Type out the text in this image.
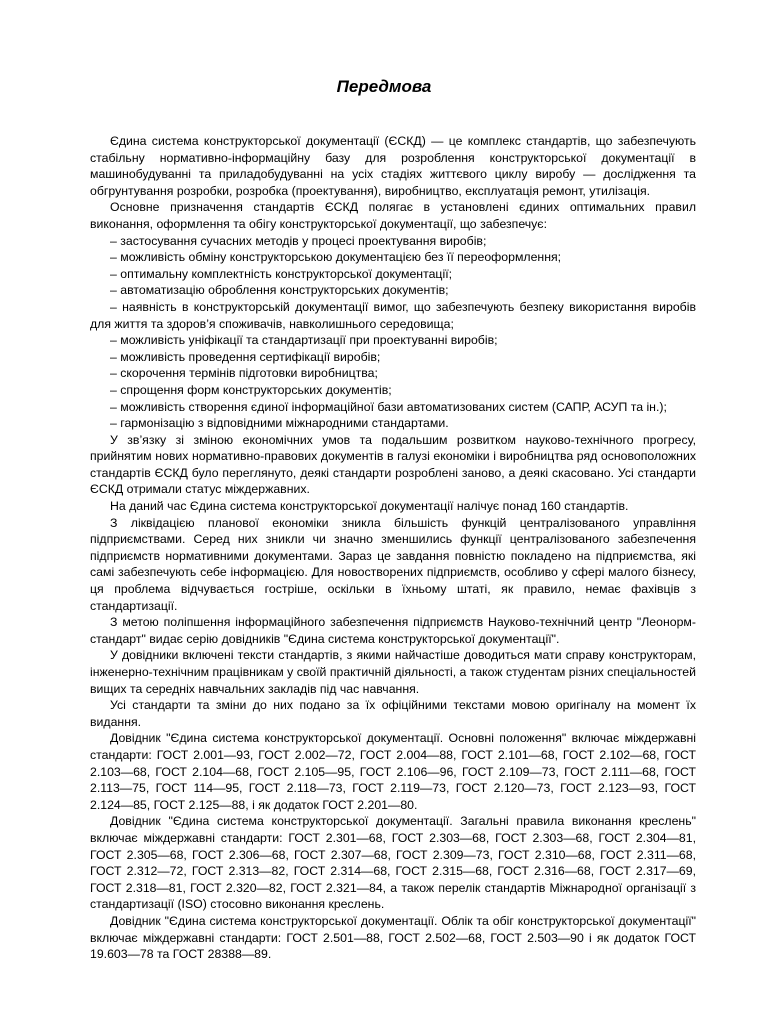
Передмова

Єдина система конструкторської документації (ЄСКД) — це комплекс стандартів, що забезпечують стабільну нормативно-інформаційну базу для розроблення конструкторської документації в машинобудуванні та приладобудуванні на усіх стадіях життєвого циклу виробу — дослідження та обгрунтування розробки, розробка (проектування), виробництво, експлуатація ремонт, утилізація.

Основне призначення стандартів ЄСКД полягає в установлені єдиних оптимальних правил виконання, оформлення та обігу конструкторської документації, що забезпечує:

– застосування сучасних методів у процесі проектування виробів;

– можливість обміну конструкторською документацією без її переоформлення;

– оптимальну комплектність конструкторської документації;

– автоматизацію оброблення конструкторських документів;

– наявність в конструкторській документації вимог, що забезпечують безпеку використання виробів для життя та здоров’я споживачів, навколишнього середовища;

– можливість уніфікації та стандартизації при проектуванні виробів;

– можливість проведення сертифікації виробів;

– скорочення термінів підготовки виробництва;

– спрощення форм конструкторських документів;

– можливість створення єдиної інформаційної бази автоматизованих систем (САПР, АСУП та ін.);

– гармонізацію з відповідними міжнародними стандартами.

У зв’язку зі зміною економічних умов та подальшим розвитком науково-технічного прогресу, прийнятим нових нормативно-правових документів в галузі економіки і виробництва ряд основоположних стандартів ЄСКД було переглянуто, деякі стандарти розроблені заново, а деякі скасовано. Усі стандарти ЄСКД отримали статус міждержавних.

На даний час Єдина система конструкторської документації налічує понад 160 стандартів.

З ліквідацією планової економіки зникла більшість функцій централізованого управління підприємствами. Серед них зникли чи значно зменшились функції централізованого забезпечення підприємств нормативними документами. Зараз це завдання повністю покладено на підприємства, які самі забезпечують себе інформацією. Для новостворених підприємств, особливо у сфері малого бізнесу, ця проблема відчувається гостріше, оскільки в їхньому штаті, як правило, немає фахівців з стандартизації.

З метою поліпшення інформаційного забезпечення підприємств Науково-технічний центр "Леонорм-стандарт" видає серію довідників "Єдина система конструкторської документації".

У довідники включені тексти стандартів, з якими найчастіше доводиться мати справу конструкторам, інженерно-технічним працівникам у своїй практичній діяльності, а також студентам різних спеціальностей вищих та середніх навчальних закладів під час навчання.

Усі стандарти та зміни до них подано за їх офіційними текстами мовою оригіналу на момент їх видання.

Довідник "Єдина система конструкторської документації. Основні положення" включає міждержавні стандарти: ГОСТ 2.001—93, ГОСТ 2.002—72, ГОСТ 2.004—88, ГОСТ 2.101—68, ГОСТ 2.102—68, ГОСТ 2.103—68, ГОСТ 2.104—68, ГОСТ 2.105—95, ГОСТ 2.106—96, ГОСТ 2.109—73, ГОСТ 2.111—68, ГОСТ 2.113—75, ГОСТ 114—95, ГОСТ 2.118—73, ГОСТ 2.119—73, ГОСТ 2.120—73, ГОСТ 2.123—93, ГОСТ 2.124—85, ГОСТ 2.125—88, і як додаток ГОСТ 2.201—80.

Довідник "Єдина система конструкторської документації. Загальні правила виконання креслень" включає міждержавні стандарти: ГОСТ 2.301—68, ГОСТ 2.303—68, ГОСТ 2.303—68, ГОСТ 2.304—81, ГОСТ 2.305—68, ГОСТ 2.306—68, ГОСТ 2.307—68, ГОСТ 2.309—73, ГОСТ 2.310—68, ГОСТ 2.311—68, ГОСТ 2.312—72, ГОСТ 2.313—82, ГОСТ 2.314—68, ГОСТ 2.315—68, ГОСТ 2.316—68, ГОСТ 2.317—69, ГОСТ 2.318—81, ГОСТ 2.320—82, ГОСТ 2.321—84, а також перелік стандартів Міжнародної організації з стандартизації (ISO) стосовно виконання креслень.

Довідник "Єдина система конструкторської документації. Облік та обіг конструкторської документації" включає міждержавні стандарти: ГОСТ 2.501—88, ГОСТ 2.502—68, ГОСТ 2.503—90 і як додаток ГОСТ 19.603—78 та ГОСТ 28388—89.
